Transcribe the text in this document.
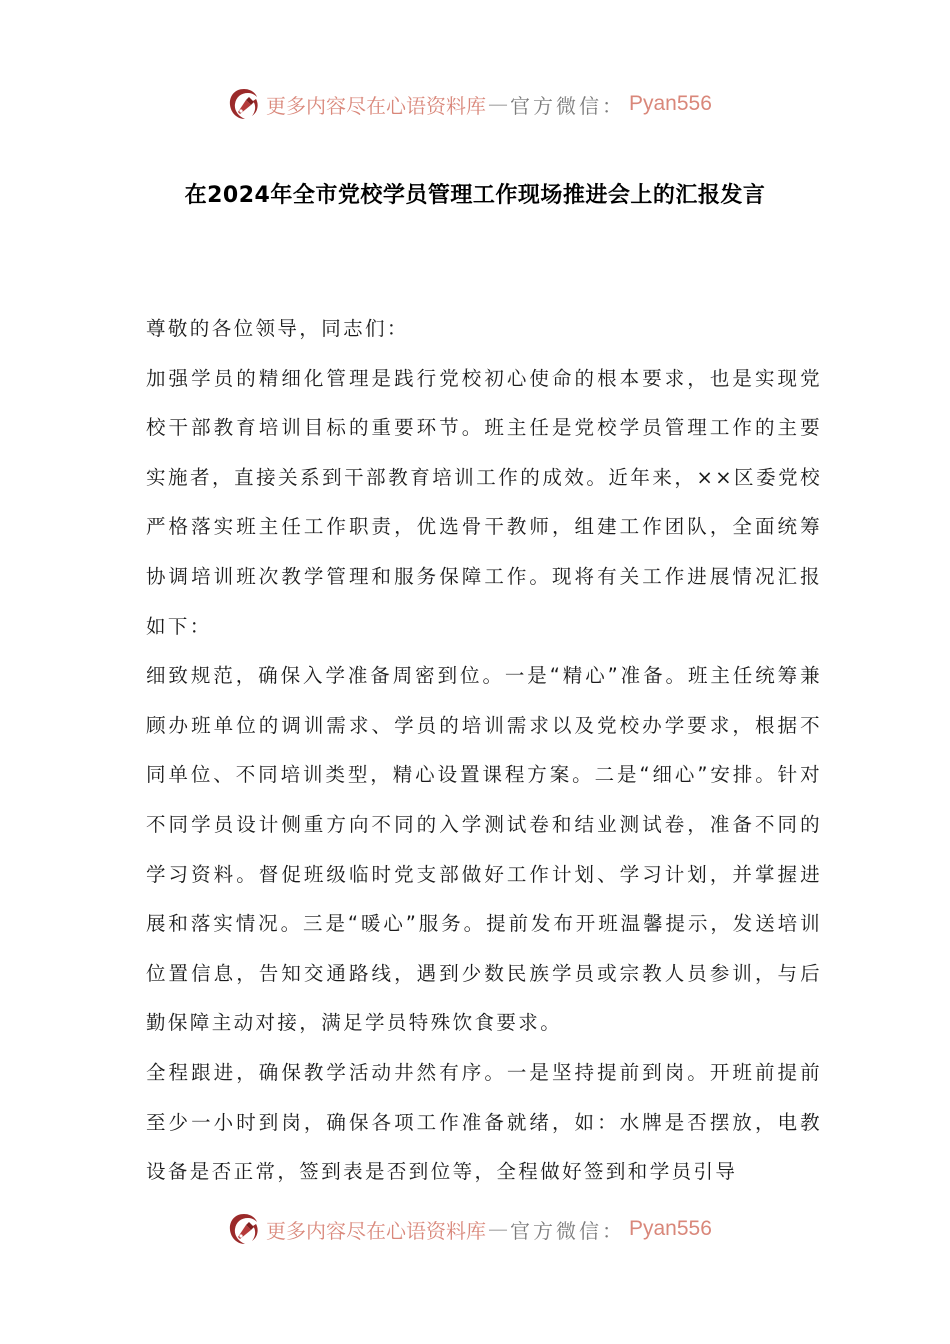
更多内容尽在心语资料库 — 官方微信： Pyan556
在2024年全市党校学员管理工作现场推进会上的汇报发言

尊敬的各位领导，同志们：

加强学员的精细化管理是践行党校初心使命的根本要求，也是实现党校干部教育培训目标的重要环节。班主任是党校学员管理工作的主要实施者，直接关系到干部教育培训工作的成效。近年来，××区委党校严格落实班主任工作职责，优选骨干教师，组建工作团队，全面统筹协调培训班次教学管理和服务保障工作。现将有关工作进展情况汇报如下：

细致规范，确保入学准备周密到位。一是“精心”准备。班主任统筹兼顾办班单位的调训需求、学员的培训需求以及党校办学要求，根据不同单位、不同培训类型，精心设置课程方案。二是“细心”安排。针对不同学员设计侧重方向不同的入学测试卷和结业测试卷，准备不同的学习资料。督促班级临时党支部做好工作计划、学习计划，并掌握进展和落实情况。三是“暖心”服务。提前发布开班温馨提示，发送培训位置信息，告知交通路线，遇到少数民族学员或宗教人员参训，与后勤保障主动对接，满足学员特殊饮食要求。

全程跟进，确保教学活动井然有序。一是坚持提前到岗。开班前提前至少一小时到岗，确保各项工作准备就绪，如：水牌是否摆放，电教设备是否正常，签到表是否到位等，全程做好签到和学员引导

更多内容尽在心语资料库 — 官方微信： Pyan556
